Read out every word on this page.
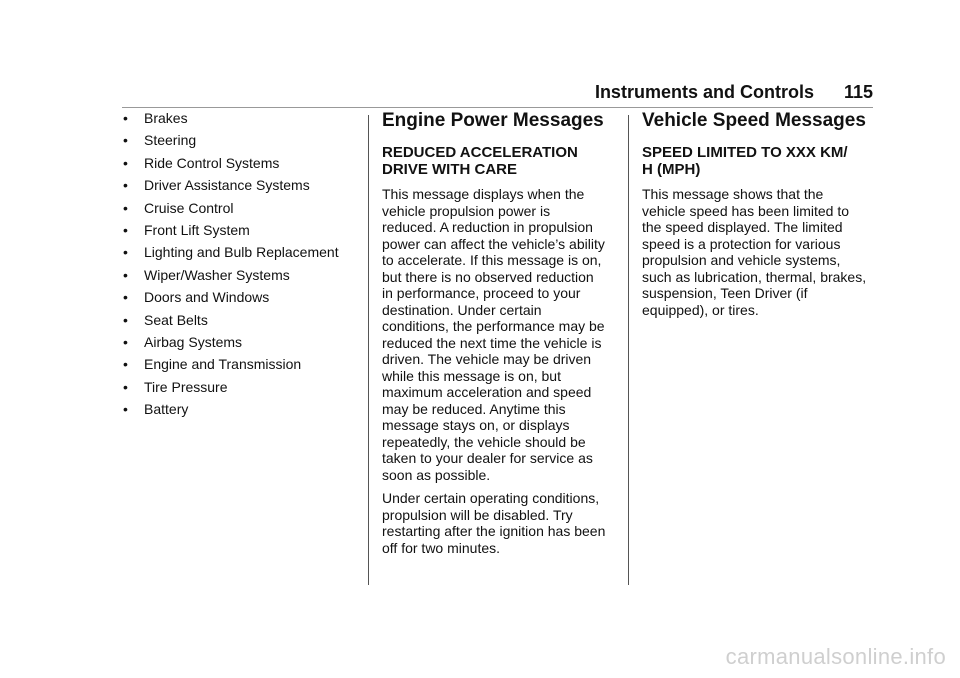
Instruments and Controls 115
•	Brakes
•	Steering
•	Ride Control Systems
•	Driver Assistance Systems
•	Cruise Control
•	Front Lift System
•	Lighting and Bulb Replacement
•	Wiper/Washer Systems
•	Doors and Windows
•	Seat Belts
•	Airbag Systems
•	Engine and Transmission
•	Tire Pressure
•	Battery
Engine Power Messages
REDUCED ACCELERATION
DRIVE WITH CARE

This message displays when the
vehicle propulsion power is
reduced. A reduction in propulsion
power can affect the vehicle’s ability
to accelerate. If this message is on,
but there is no observed reduction
in performance, proceed to your
destination. Under certain
conditions, the performance may be
reduced the next time the vehicle is
driven. The vehicle may be driven
while this message is on, but
maximum acceleration and speed
may be reduced. Anytime this
message stays on, or displays
repeatedly, the vehicle should be
taken to your dealer for service as
soon as possible.

Under certain operating conditions,
propulsion will be disabled. Try
restarting after the ignition has been
off for two minutes.

Vehicle Speed Messages
SPEED LIMITED TO XXX KM/
H (MPH)

This message shows that the
vehicle speed has been limited to
the speed displayed. The limited
speed is a protection for various
propulsion and vehicle systems,
such as lubrication, thermal, brakes,
suspension, Teen Driver (if
equipped), or tires.

carmanualsonline.info
